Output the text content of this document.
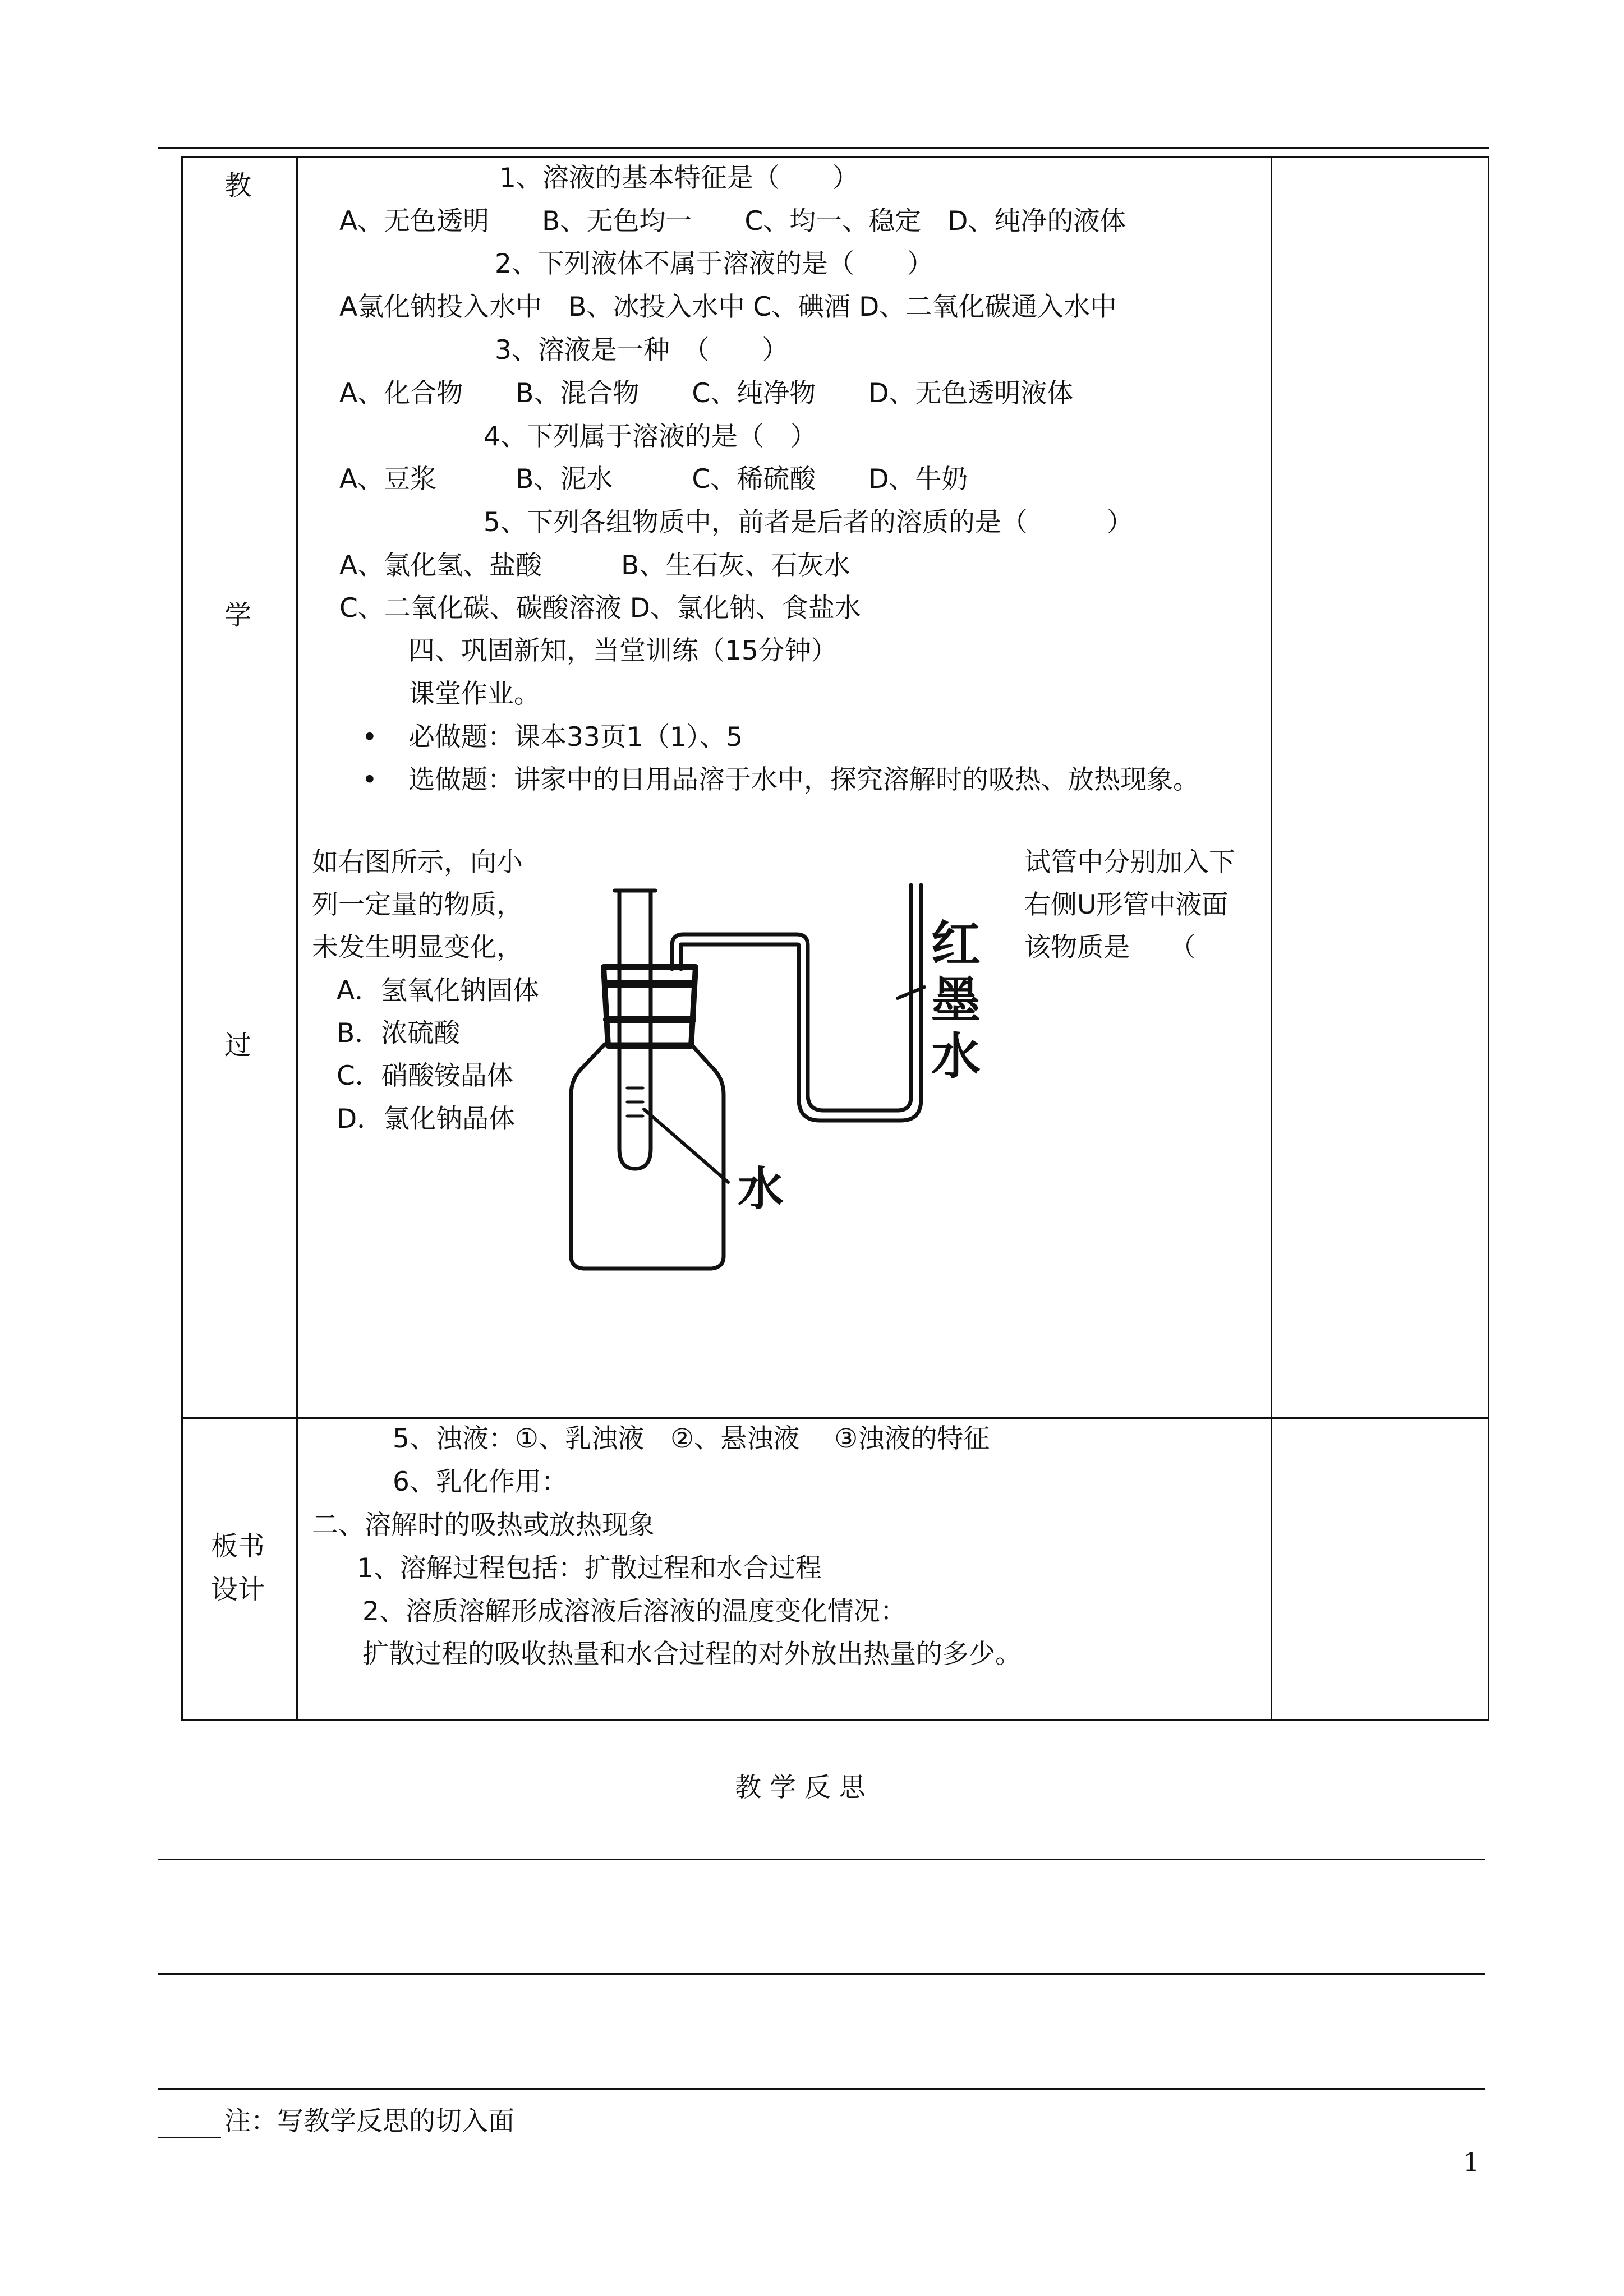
教
学
过
1、溶液的基本特征是（　　）
A、无色透明　　B、无色均一　　C、均一、稳定　D、纯净的液体
2、下列液体不属于溶液的是（　　）
A氯化钠投入水中　B、冰投入水中 C、碘酒 D、二氧化碳通入水中
3、溶液是一种　（　　）
A、化合物　　B、混合物　　C、纯净物　　D、无色透明液体
4、下列属于溶液的是（　）
A、豆浆　　　B、泥水　　　C、稀硫酸　　D、牛奶
5、下列各组物质中，前者是后者的溶质的是（　　　）
A、氯化氢、盐酸　　　B、生石灰、石灰水
C、二氧化碳、碳酸溶液 D、氯化钠、食盐水
四、巩固新知，当堂训练（15分钟）
课堂作业。
• 必做题：课本33页1（1）、5
• 选做题：讲家中的日用品溶于水中，探究溶解时的吸热、放热现象。
如右图所示，向小
列一定量的物质，
未发生明显变化，
A．氢氧化钠固体
B．浓硫酸
C．硝酸铵晶体
D．氯化钠晶体
试管中分别加入下
右侧U形管中液面
该物质是　　（
红
墨
水
水
板书
设计
5、浊液：①、乳浊液　②、悬浊液　 ③浊液的特征
6、乳化作用：
二、溶解时的吸热或放热现象
1、溶解过程包括：扩散过程和水合过程
2、溶质溶解形成溶液后溶液的温度变化情况：
扩散过程的吸收热量和水合过程的对外放出热量的多少。
教 学 反 思
注：写教学反思的切入面
1
